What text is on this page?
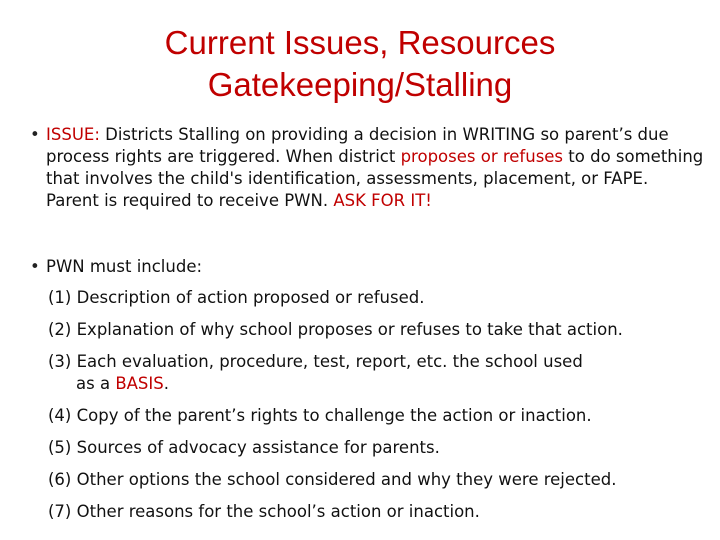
Current Issues, Resources
Gatekeeping/Stalling
• ISSUE: Districts Stalling on providing a decision in WRITING so parent’s due process rights are triggered. When district proposes or refuses to do something that involves the child's identification, assessments, placement, or FAPE.
Parent is required to receive PWN. ASK FOR IT!
• PWN must include:
(1) Description of action proposed or refused.
(2) Explanation of why school proposes or refuses to take that action.
(3) Each evaluation, procedure, test, report, etc. the school used
as a BASIS.
(4) Copy of the parent’s rights to challenge the action or inaction.
(5) Sources of advocacy assistance for parents.
(6) Other options the school considered and why they were rejected.
(7) Other reasons for the school’s action or inaction.
